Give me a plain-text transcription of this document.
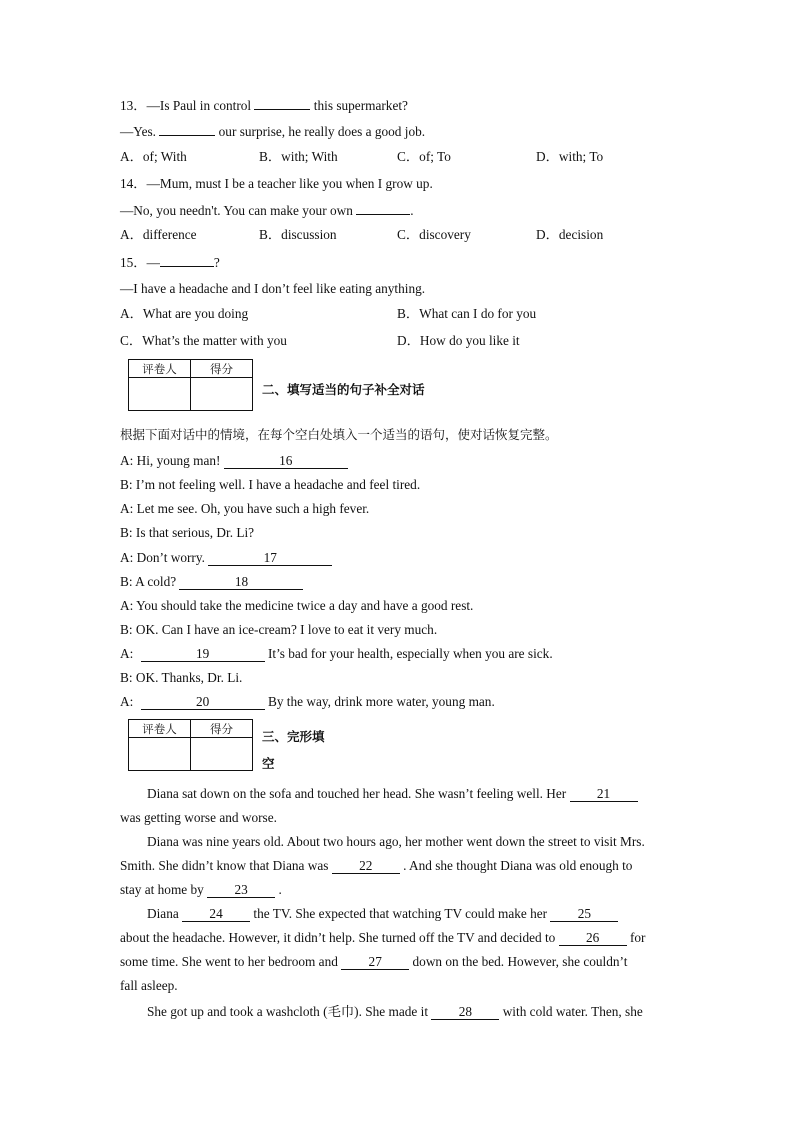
13．—Is Paul in control	this supermarket?
—Yes.	our surprise, he really does a good job.
A．of; With	B．with; With	C．of; To	D．with; To
14．—Mum, must I be a teacher like you when I grow up.
—No, you needn't. You can make your own	.
A．difference	B．discussion	C．discovery	D．decision
15．—	?
—I have a headache and I don’t feel like eating anything.
A．What are you doing	B．What can I do for you
C．What’s the matter with you	D．How do you like it
评卷人	得分

二、填写适当的句子补全对话
根据下面对话中的情境，在每个空白处填入一个适当的语句，使对话恢复完整。
A: Hi, young man!	16
B: I’m not feeling well. I have a headache and feel tired.
A: Let me see. Oh, you have such a high fever.
B: Is that serious, Dr. Li?
A: Don’t worry.	17
B: A cold?	18
A: You should take the medicine twice a day and have a good rest.
B: OK. Can I have an ice-cream? I love to eat it very much.
A:	19	It’s bad for your health, especially when you are sick.
B: OK. Thanks, Dr. Li.
A:	20	By the way, drink more water, young man.
评卷人	得分

三、完形填
空
Diana sat down on the sofa and touched her head. She wasn’t feeling well. Her 21
was getting worse and worse.
Diana was nine years old. About two hours ago, her mother went down the street to visit Mrs.
Smith. She didn’t know that Diana was 22 . And she thought Diana was old enough to
stay at home by 23 .
Diana 24 the TV. She expected that watching TV could make her 25
about the headache. However, it didn’t help. She turned off the TV and decided to 26 for
some time. She went to her bedroom and 27 down on the bed. However, she couldn’t
fall asleep.
She got up and took a washcloth (毛巾). She made it 28 with cold water. Then, she
